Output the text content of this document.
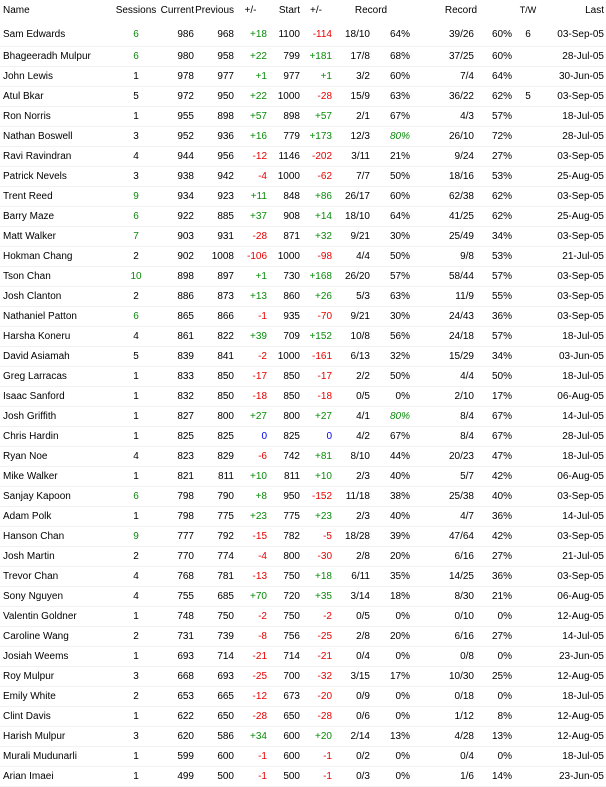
Name	Sessions	Current	Previous	+/-	Start	+/-	Record		Record		T/W	Last
Sam Edwards	6	986	968	+18	1100	-114	18/10	64%	39/26	60%	6	03-Sep-05
Bhageeradh Mulpur	6	980	958	+22	799	+181	17/8	68%	37/25	60%		28-Jul-05
John Lewis	1	978	977	+1	977	+1	3/2	60%	7/4	64%		30-Jun-05
Atul Bkar	5	972	950	+22	1000	-28	15/9	63%	36/22	62%	5	03-Sep-05
Ron Norris	1	955	898	+57	898	+57	2/1	67%	4/3	57%		18-Jul-05
Nathan Boswell	3	952	936	+16	779	+173	12/3	80%	26/10	72%		28-Jul-05
Ravi Ravindran	4	944	956	-12	1146	-202	3/11	21%	9/24	27%		03-Sep-05
Patrick Nevels	3	938	942	-4	1000	-62	7/7	50%	18/16	53%		25-Aug-05
Trent Reed	9	934	923	+11	848	+86	26/17	60%	62/38	62%		03-Sep-05
Barry Maze	6	922	885	+37	908	+14	18/10	64%	41/25	62%		25-Aug-05
Matt Walker	7	903	931	-28	871	+32	9/21	30%	25/49	34%		03-Sep-05
Hokman Chang	2	902	1008	-106	1000	-98	4/4	50%	9/8	53%		21-Jul-05
Tson Chan	10	898	897	+1	730	+168	26/20	57%	58/44	57%		03-Sep-05
Josh Clanton	2	886	873	+13	860	+26	5/3	63%	11/9	55%		03-Sep-05
Nathaniel Patton	6	865	866	-1	935	-70	9/21	30%	24/43	36%		03-Sep-05
Harsha Koneru	4	861	822	+39	709	+152	10/8	56%	24/18	57%		18-Jul-05
David Asiamah	5	839	841	-2	1000	-161	6/13	32%	15/29	34%		03-Jun-05
Greg Larracas	1	833	850	-17	850	-17	2/2	50%	4/4	50%		18-Jul-05
Isaac Sanford	1	832	850	-18	850	-18	0/5	0%	2/10	17%		06-Aug-05
Josh Griffith	1	827	800	+27	800	+27	4/1	80%	8/4	67%		14-Jul-05
Chris Hardin	1	825	825	0	825	0	4/2	67%	8/4	67%		28-Jul-05
Ryan Noe	4	823	829	-6	742	+81	8/10	44%	20/23	47%		18-Jul-05
Mike Walker	1	821	811	+10	811	+10	2/3	40%	5/7	42%		06-Aug-05
Sanjay Kapoon	6	798	790	+8	950	-152	11/18	38%	25/38	40%		03-Sep-05
Adam Polk	1	798	775	+23	775	+23	2/3	40%	4/7	36%		14-Jul-05
Hanson Chan	9	777	792	-15	782	-5	18/28	39%	47/64	42%		03-Sep-05
Josh Martin	2	770	774	-4	800	-30	2/8	20%	6/16	27%		21-Jul-05
Trevor Chan	4	768	781	-13	750	+18	6/11	35%	14/25	36%		03-Sep-05
Sony Nguyen	4	755	685	+70	720	+35	3/14	18%	8/30	21%		06-Aug-05
Valentin Goldner	1	748	750	-2	750	-2	0/5	0%	0/10	0%		12-Aug-05
Caroline Wang	2	731	739	-8	756	-25	2/8	20%	6/16	27%		14-Jul-05
Josiah Weems	1	693	714	-21	714	-21	0/4	0%	0/8	0%		23-Jun-05
Roy Mulpur	3	668	693	-25	700	-32	3/15	17%	10/30	25%		12-Aug-05
Emily White	2	653	665	-12	673	-20	0/9	0%	0/18	0%		18-Jul-05
Clint Davis	1	622	650	-28	650	-28	0/6	0%	1/12	8%		12-Aug-05
Harish Mulpur	3	620	586	+34	600	+20	2/14	13%	4/28	13%		12-Aug-05
Murali Mudunarli	1	599	600	-1	600	-1	0/2	0%	0/4	0%		18-Jul-05
Arian Imaei	1	499	500	-1	500	-1	0/3	0%	1/6	14%		23-Jun-05
